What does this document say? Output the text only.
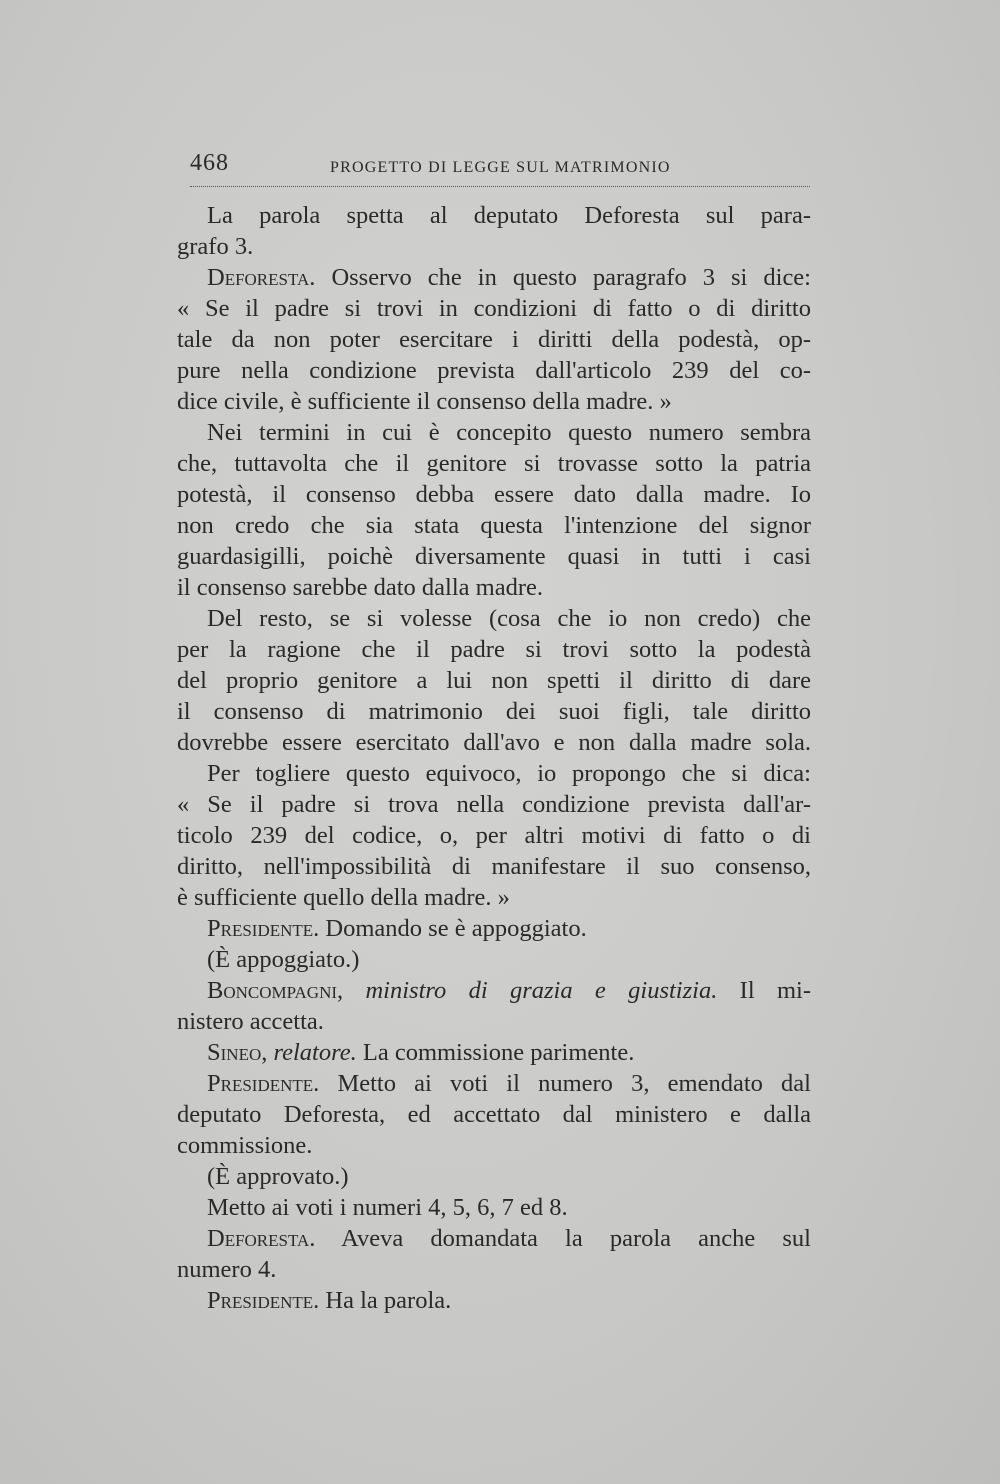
468	PROGETTO DI LEGGE SUL MATRIMONIO
La parola spetta al deputato Deforesta sul para-
grafo 3.
Deforesta. Osservo che in questo paragrafo 3 si dice:
« Se il padre si trovi in condizioni di fatto o di diritto
tale da non poter esercitare i diritti della podestà, op-
pure nella condizione prevista dall'articolo 239 del co-
dice civile, è sufficiente il consenso della madre. »
Nei termini in cui è concepito questo numero sembra
che, tuttavolta che il genitore si trovasse sotto la patria
potestà, il consenso debba essere dato dalla madre. Io
non credo che sia stata questa l'intenzione del signor
guardasigilli, poichè diversamente quasi in tutti i casi
il consenso sarebbe dato dalla madre.
Del resto, se si volesse (cosa che io non credo) che
per la ragione che il padre si trovi sotto la podestà
del proprio genitore a lui non spetti il diritto di dare
il consenso di matrimonio dei suoi figli, tale diritto
dovrebbe essere esercitato dall'avo e non dalla madre sola.
Per togliere questo equivoco, io propongo che si dica:
« Se il padre si trova nella condizione prevista dall'ar-
ticolo 239 del codice, o, per altri motivi di fatto o di
diritto, nell'impossibilità di manifestare il suo consenso,
è sufficiente quello della madre. »
Presidente. Domando se è appoggiato.
(È appoggiato.)
Boncompagni, ministro di grazia e giustizia. Il mi-
nistero accetta.
Sineo, relatore. La commissione parimente.
Presidente. Metto ai voti il numero 3, emendato dal
deputato Deforesta, ed accettato dal ministero e dalla
commissione.
(È approvato.)
Metto ai voti i numeri 4, 5, 6, 7 ed 8.
Deforesta. Aveva domandata la parola anche sul
numero 4.
Presidente. Ha la parola.
